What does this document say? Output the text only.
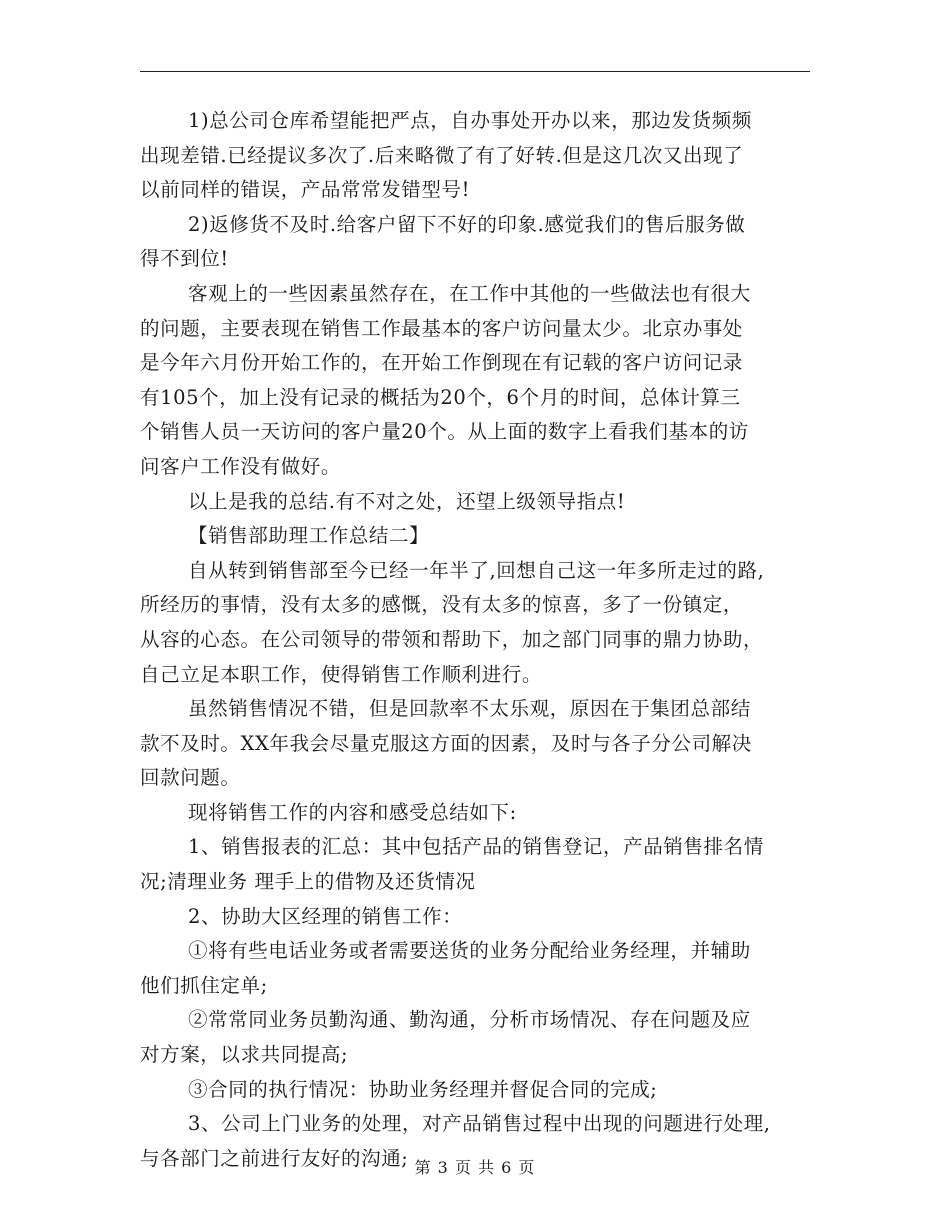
1)总公司仓库希望能把严点，自办事处开办以来，那边发货频频
出现差错.已经提议多次了.后来略微了有了好转.但是这几次又出现了
以前同样的错误，产品常常发错型号!
2)返修货不及时.给客户留下不好的印象.感觉我们的售后服务做
得不到位!
客观上的一些因素虽然存在，在工作中其他的一些做法也有很大
的问题，主要表现在销售工作最基本的客户访问量太少。北京办事处
是今年六月份开始工作的，在开始工作倒现在有记载的客户访问记录
有105个，加上没有记录的概括为20个，6个月的时间，总体计算三
个销售人员一天访问的客户量20个。从上面的数字上看我们基本的访
问客户工作没有做好。
以上是我的总结.有不对之处，还望上级领导指点!
【销售部助理工作总结二】
自从转到销售部至今已经一年半了,回想自己这一年多所走过的路,
所经历的事情，没有太多的感慨，没有太多的惊喜，多了一份镇定，
从容的心态。在公司领导的带领和帮助下，加之部门同事的鼎力协助，
自己立足本职工作，使得销售工作顺利进行。
虽然销售情况不错，但是回款率不太乐观，原因在于集团总部结
款不及时。XX年我会尽量克服这方面的因素，及时与各子分公司解决
回款问题。
现将销售工作的内容和感受总结如下:
1、销售报表的汇总：其中包括产品的销售登记，产品销售排名情
况;清理业务 理手上的借物及还货情况
2、协助大区经理的销售工作：
①将有些电话业务或者需要送货的业务分配给业务经理，并辅助
他们抓住定单;
②常常同业务员勤沟通、勤沟通，分析市场情况、存在问题及应
对方案，以求共同提高;
③合同的执行情况：协助业务经理并督促合同的完成;
3、公司上门业务的处理，对产品销售过程中出现的问题进行处理,
与各部门之前进行友好的沟通; 第 3 页 共 6 页
